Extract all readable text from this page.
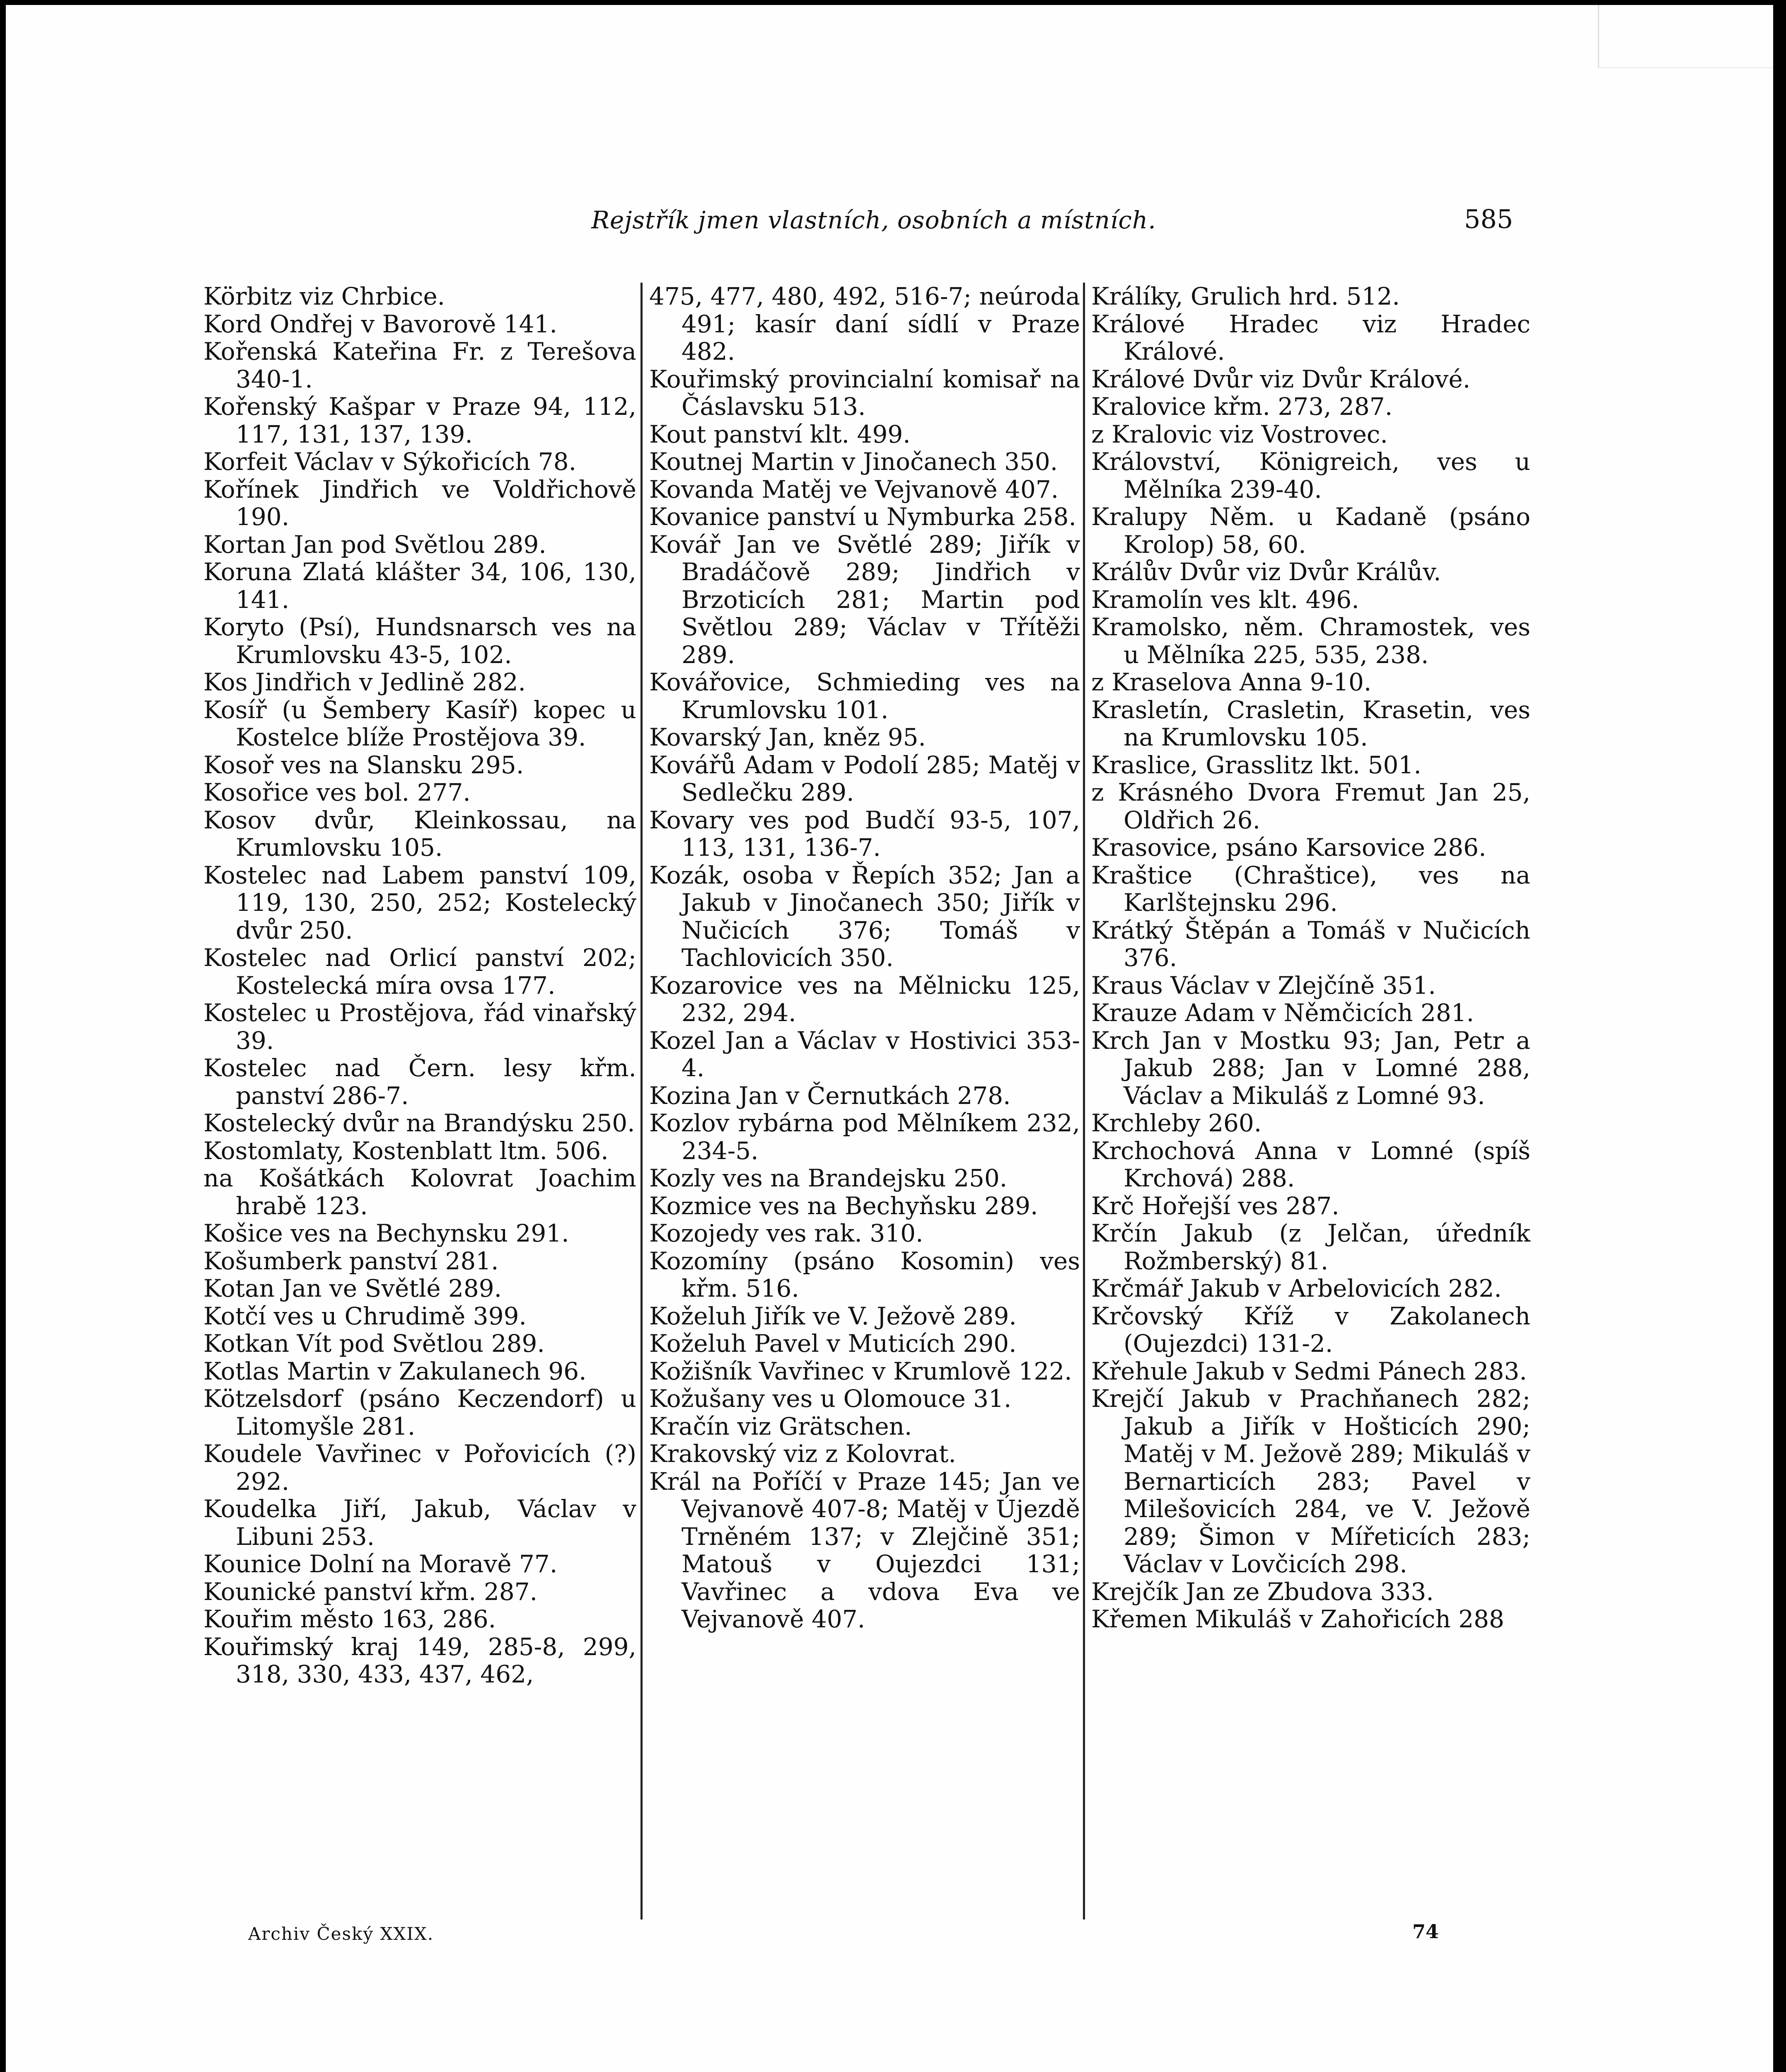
Rejstřík jmen vlastních, osobních a místních.	585
Körbitz viz Chrbice.
Kord Ondřej v Bavorově 141.
Kořenská Kateřina Fr. z Terešova 340-1.
Kořenský Kašpar v Praze 94, 112, 117, 131, 137, 139.
Korfeit Václav v Sýkořicích 78.
Kořínek Jindřich ve Voldřichově 190.
Kortan Jan pod Světlou 289.
Koruna Zlatá klášter 34, 106, 130, 141.
Koryto (Psí), Hundsnarsch ves na Krumlovsku 43-5, 102.
Kos Jindřich v Jedlině 282.
Kosíř (u Šembery Kasíř) kopec u Kostelce blíže Prostějova 39.
Kosoř ves na Slansku 295.
Kosořice ves bol. 277.
Kosov dvůr, Kleinkossau, na Krumlovsku 105.
Kostelec nad Labem panství 109, 119, 130, 250, 252; Kostelecký dvůr 250.
Kostelec nad Orlicí panství 202; Kostelecká míra ovsa 177.
Kostelec u Prostějova, řád vinařský 39.
Kostelec nad Čern. lesy křm. panství 286-7.
Kostelecký dvůr na Brandýsku 250.
Kostomlaty, Kostenblatt ltm. 506.
na Košátkách Kolovrat Joachim hrabě 123.
Košice ves na Bechynsku 291.
Košumberk panství 281.
Kotan Jan ve Světlé 289.
Kotčí ves u Chrudimě 399.
Kotkan Vít pod Světlou 289.
Kotlas Martin v Zakulanech 96.
Kötzelsdorf (psáno Keczendorf) u Litomyšle 281.
Koudele Vavřinec v Pořovicích (?) 292.
Koudelka Jiří, Jakub, Václav v Libuni 253.
Kounice Dolní na Moravě 77.
Kounické panství křm. 287.
Kouřim město 163, 286.
Kouřimský kraj 149, 285-8, 299, 318, 330, 433, 437, 462,
475, 477, 480, 492, 516-7; neúroda 491; kasír daní sídlí v Praze 482.
Kouřimský provincialní komisař na Čáslavsku 513.
Kout panství klt. 499.
Koutnej Martin v Jinočanech 350.
Kovanda Matěj ve Vejvanově 407.
Kovanice panství u Nymburka 258.
Kovář Jan ve Světlé 289; Jiřík v Bradáčově 289; Jindřich v Brzoticích 281; Martin pod Světlou 289; Václav v Třítěži 289.
Kovářovice, Schmieding ves na Krumlovsku 101.
Kovarský Jan, kněz 95.
Kovářů Adam v Podolí 285; Matěj v Sedlečku 289.
Kovary ves pod Budčí 93-5, 107, 113, 131, 136-7.
Kozák, osoba v Řepích 352; Jan a Jakub v Jinočanech 350; Jiřík v Nučicích 376; Tomáš v Tachlovicích 350.
Kozarovice ves na Mělnicku 125, 232, 294.
Kozel Jan a Václav v Hostivici 353-4.
Kozina Jan v Černutkách 278.
Kozlov rybárna pod Mělníkem 232, 234-5.
Kozly ves na Brandejsku 250.
Kozmice ves na Bechyňsku 289.
Kozojedy ves rak. 310.
Kozomíny (psáno Kosomin) ves křm. 516.
Koželuh Jiřík ve V. Ježově 289.
Koželuh Pavel v Muticích 290.
Kožišník Vavřinec v Krumlově 122.
Kožušany ves u Olomouce 31.
Kračín viz Grätschen.
Krakovský viz z Kolovrat.
Král na Poříčí v Praze 145; Jan ve Vejvanově 407-8; Matěj v Újezdě Trněném 137; v Zlejčině 351; Matouš v Oujezdci 131; Vavřinec a vdova Eva ve Vejvanově 407.
Králíky, Grulich hrd. 512.
Králové Hradec viz Hradec Králové.
Králové Dvůr viz Dvůr Králové.
Kralovice křm. 273, 287.
z Kralovic viz Vostrovec.
Království, Königreich, ves u Mělníka 239-40.
Kralupy Něm. u Kadaně (psáno Krolop) 58, 60.
Králův Dvůr viz Dvůr Králův.
Kramolín ves klt. 496.
Kramolsko, něm. Chramostek, ves u Mělníka 225, 535, 238.
z Kraselova Anna 9-10.
Krasletín, Crasletin, Krasetin, ves na Krumlovsku 105.
Kraslice, Grasslitz lkt. 501.
z Krásného Dvora Fremut Jan 25, Oldřich 26.
Krasovice, psáno Karsovice 286.
Kraštice (Chraštice), ves na Karlštejnsku 296.
Krátký Štěpán a Tomáš v Nučicích 376.
Kraus Václav v Zlejčíně 351.
Krauze Adam v Němčicích 281.
Krch Jan v Mostku 93; Jan, Petr a Jakub 288; Jan v Lomné 288, Václav a Mikuláš z Lomné 93.
Krchleby 260.
Krchochová Anna v Lomné (spíš Krchová) 288.
Krč Hořejší ves 287.
Krčín Jakub (z Jelčan, úředník Rožmberský) 81.
Krčmář Jakub v Arbelovicích 282.
Krčovský Kříž v Zakolanech (Oujezdci) 131-2.
Křehule Jakub v Sedmi Pánech 283.
Krejčí Jakub v Prachňanech 282; Jakub a Jiřík v Hošticích 290; Matěj v M. Ježově 289; Mikuláš v Bernarticích 283; Pavel v Milešovicích 284, ve V. Ježově 289; Šimon v Mířeticích 283; Václav v Lovčicích 298.
Krejčík Jan ze Zbudova 333.
Křemen Mikuláš v Zahořicích 288
Archiv Český XXIX.	74
